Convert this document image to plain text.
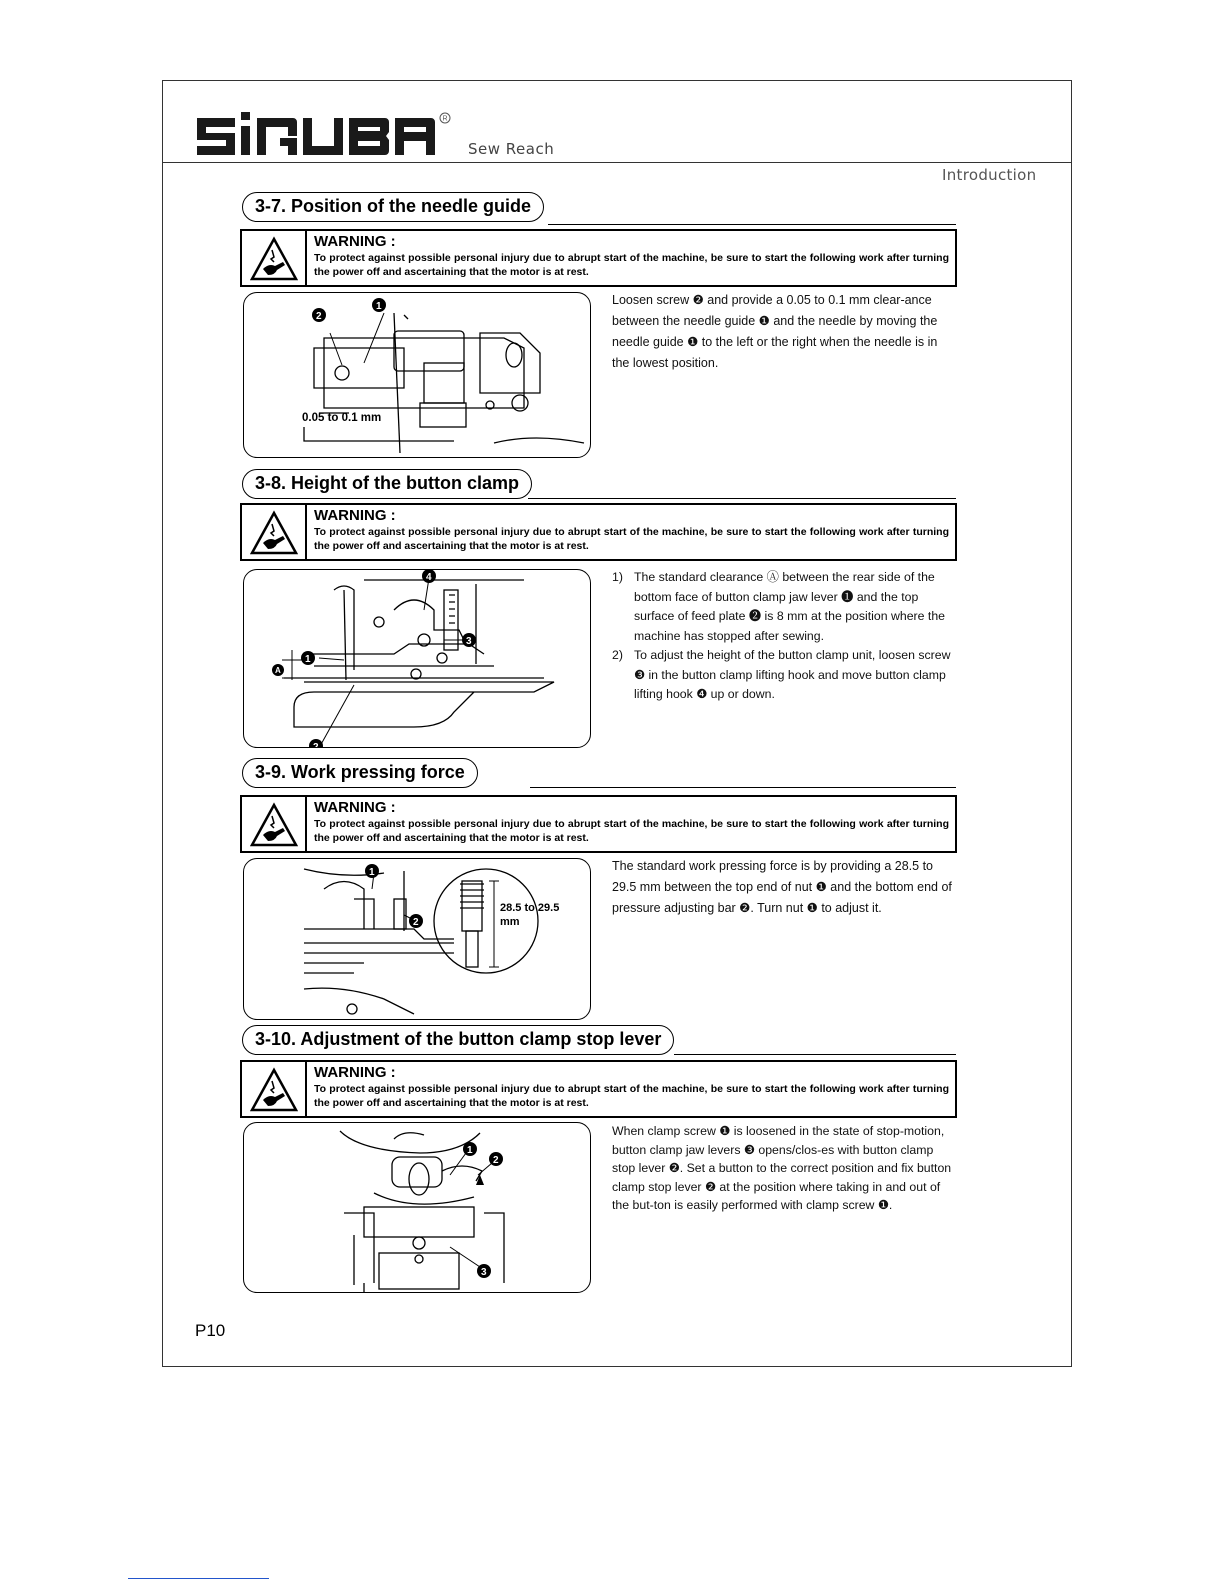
R
Sew Reach
Introduction
3-7. Position of the needle guide
WARNING :
To protect against possible personal injury due to abrupt start of the machine, be sure to start the following work after turning the power off and ascertaining that the motor is at rest.
2
1
0.05 to 0.1 mm
Loosen screw ❷ and provide a 0.05 to 0.1 mm clear-ance between the needle guide ❶ and the needle by moving the needle guide ❶ to the left or the right when the needle is in the lowest position.
3-8. Height of the button clamp
WARNING :
To protect against possible personal injury due to abrupt start of the machine, be sure to start the following work after turning the power off and ascertaining that the motor is at rest.
4
3
1
A
2
1) The standard clearance Ⓐ between the rear side of the bottom face of button clamp jaw lever ❶ and the top surface of feed plate ❷ is 8 mm at the position where the machine has stopped after sewing.
2) To adjust the height of the button clamp unit, loosen screw ❸ in the button clamp lifting hook and move button clamp lifting hook ❹ up or down.
3-9. Work pressing force
WARNING :
To protect against possible personal injury due to abrupt start of the machine, be sure to start the following work after turning the power off and ascertaining that the motor is at rest.
1
2
28.5 to 29.5 mm
The standard work pressing force is by providing a 28.5 to 29.5 mm between the top end of nut ❶ and the bottom end of pressure adjusting bar ❷. Turn nut ❶ to adjust it.
3-10. Adjustment of the button clamp stop lever
WARNING :
To protect against possible personal injury due to abrupt start of the machine, be sure to start the following work after turning the power off and ascertaining that the motor is at rest.
1
2
3
When clamp screw ❶ is loosened in the state of stop-motion, button clamp jaw levers ❸ opens/clos-es with button clamp stop lever ❷. Set a button to the correct position and fix button clamp stop lever ❷ at the position where taking in and out of the but-ton is easily performed with clamp screw ❶.
P10
